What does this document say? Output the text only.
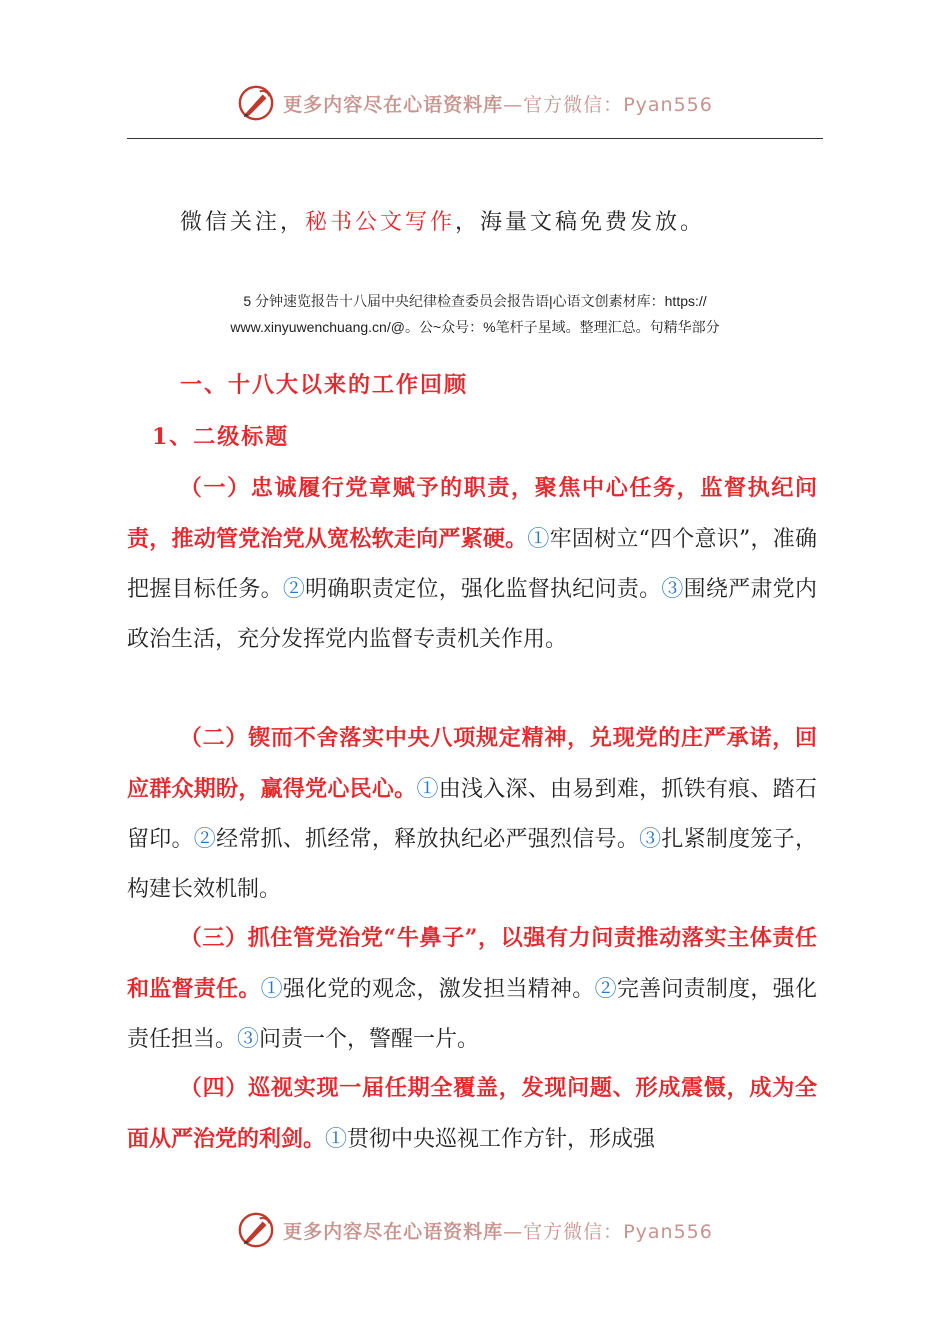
更多内容尽在心语资料库—官方微信：Pyan556
微信关注，秘书公文写作，海量文稿免费发放。
5 分钟速览报告十八届中央纪律检查委员会报告语|心语文创素材库：https://
www.xinyuwenchuang.cn/@。公~众号：%笔杆子星域。整理汇总。句精华部分
一、十八大以来的工作回顾
1、二级标题

（一）忠诚履行党章赋予的职责，聚焦中心任务，监督执纪问责，推动管党治党从宽松软走向严紧硬。①牢固树立“四个意识”，准确把握目标任务。②明确职责定位，强化监督执纪问责。③围绕严肃党内政治生活，充分发挥党内监督专责机关作用。

（二）锲而不舍落实中央八项规定精神，兑现党的庄严承诺，回应群众期盼，赢得党心民心。①由浅入深、由易到难，抓铁有痕、踏石留印。②经常抓、抓经常，释放执纪必严强烈信号。③扎紧制度笼子，构建长效机制。

（三）抓住管党治党“牛鼻子”，以强有力问责推动落实主体责任和监督责任。①强化党的观念，激发担当精神。②完善问责制度，强化责任担当。③问责一个，警醒一片。

（四）巡视实现一届任期全覆盖，发现问题、形成震慑，成为全面从严治党的利剑。①贯彻中央巡视工作方针，形成强

更多内容尽在心语资料库—官方微信：Pyan556
